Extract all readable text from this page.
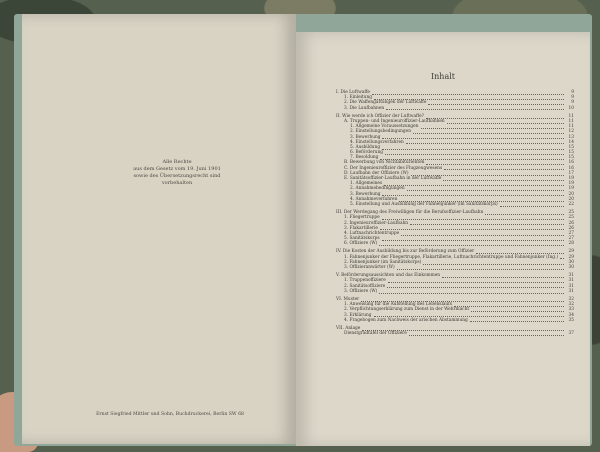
Alle Rechte
aus dem Gesetz vom 19. Juni 1901
sowie des Übersetzungsrecht sind
vorbehalten
Ernst Siegfried Mittler und Sohn, Buchdruckerei, Berlin SW 68
Inhalt
I. Die Luftwaffe	9
1. Einleitung	9
2. Die Waffengattungen der Luftwaffe	9
3. Die Laufbahnen	10
II. Wie werde ich Offizier der Luftwaffe?	11
A. Truppen- und Ingenieuroffizier-Laufbahnen	11
1. Allgemeine Voraussetzungen	11
2. Einstellungsbedingungen	12
3. Bewerbung	13
4. Einstellungsverfahren	14
5. Ausbildung	15
6. Beförderung	15
7. Besoldung	15
B. Bewerbung von Nichtabiturienten	16
C. Der Ingenieuroffizier des Flugzeugwesens	16
D. Laufbahn der Offiziere (W)	17
E. Sanitätsoffizier-Laufbahn in der Luftwaffe	19
1. Allgemeines	19
2. Annahmebedingungen	19
3. Bewerbung	20
4. Annahmeverfahren	20
5. Einstellung und Ausbildung der Fahnenjunker (im Sanitätskorps)	22
III. Der Werdegang des Freiwilligen für die Berufsoffizier-Laufbahn	25
1. Fliegertruppe	25
2. Ingenieuroffizier-Laufbahn	26
3. Flakartillerie	26
4. Luftnachrichtentruppe	27
5. Sanitätskorps	27
6. Offiziere (W)	28
IV. Die Kosten der Ausbildung bis zur Beförderung zum Offizier	29
1. Fahnenjunker der Fliegertruppe, Flakartillerie, Luftnachrichtentruppe und Fahnenjunker (Ing.) 29
2. Fahnenjunker (im Sanitätskorps)	30
3. Offizieranwärter (W)	30
V. Beförderungsaussichten und das Einkommen	31
1. Truppenoffiziere	31
2. Sanitätsoffiziere	31
3. Offiziere (W)	31
VI. Muster	32
1. Anweisung für die Aufstellung des Lebenslaufs	32
2. Verpflichtungserklärung zum Dienst in der Wehrmacht	33
3. Erklärung	34
4. Fragebogen zum Nachweis der arischen Abstammung	35
VII. Anlage
Dienstgradtafel der Offiziere	37
